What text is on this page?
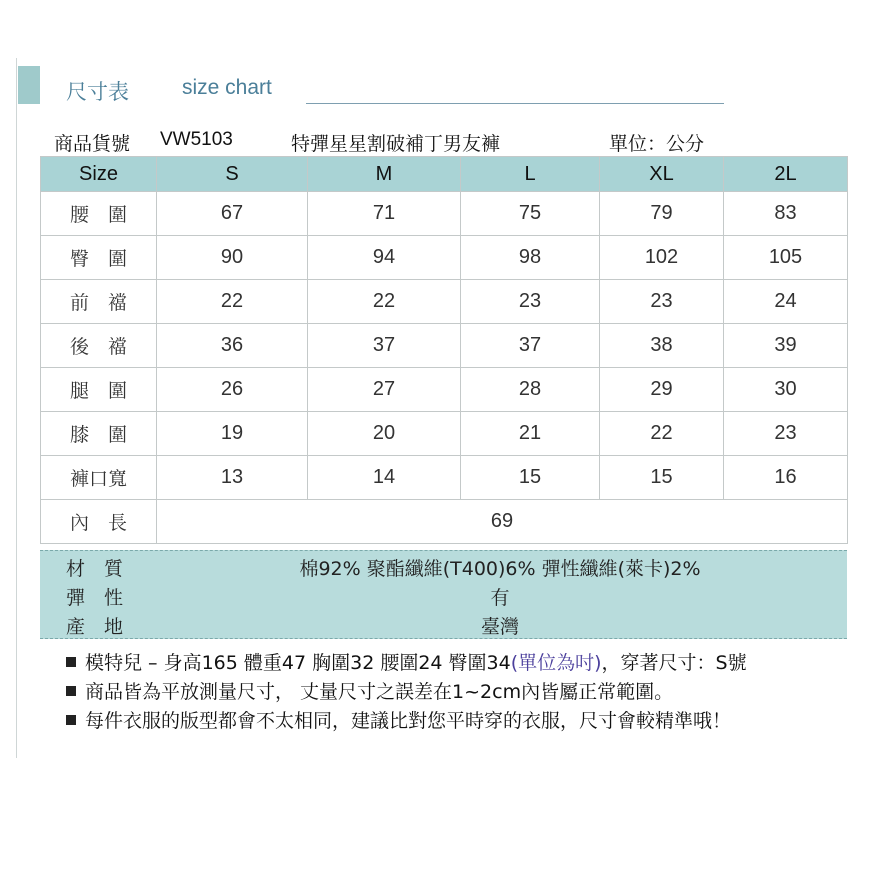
尺寸表	size chart
商品貨號 VW5103	特彈星星割破補丁男友褲	單位：公分
Size	S	M	L	XL	2L
腰　圍	67	71	75	79	83
臀　圍	90	94	98	102	105
前　襠	22	22	23	23	24
後　襠	36	37	37	38	39
腿　圍	26	27	28	29	30
膝　圍	19	20	21	22	23
褲口寬	13	14	15	15	16
內　長	69				
材　質	棉92% 聚酯纖維(T400)6% 彈性纖維(萊卡)2%
彈　性	有
產　地	臺灣
模特兒 – 身高165 體重47 胸圍32 腰圍24 臀圍34(單位為吋)，穿著尺寸：S號
商品皆為平放測量尺寸， 丈量尺寸之誤差在1~2cm內皆屬正常範圍。
每件衣服的版型都會不太相同，建議比對您平時穿的衣服，尺寸會較精準哦！
